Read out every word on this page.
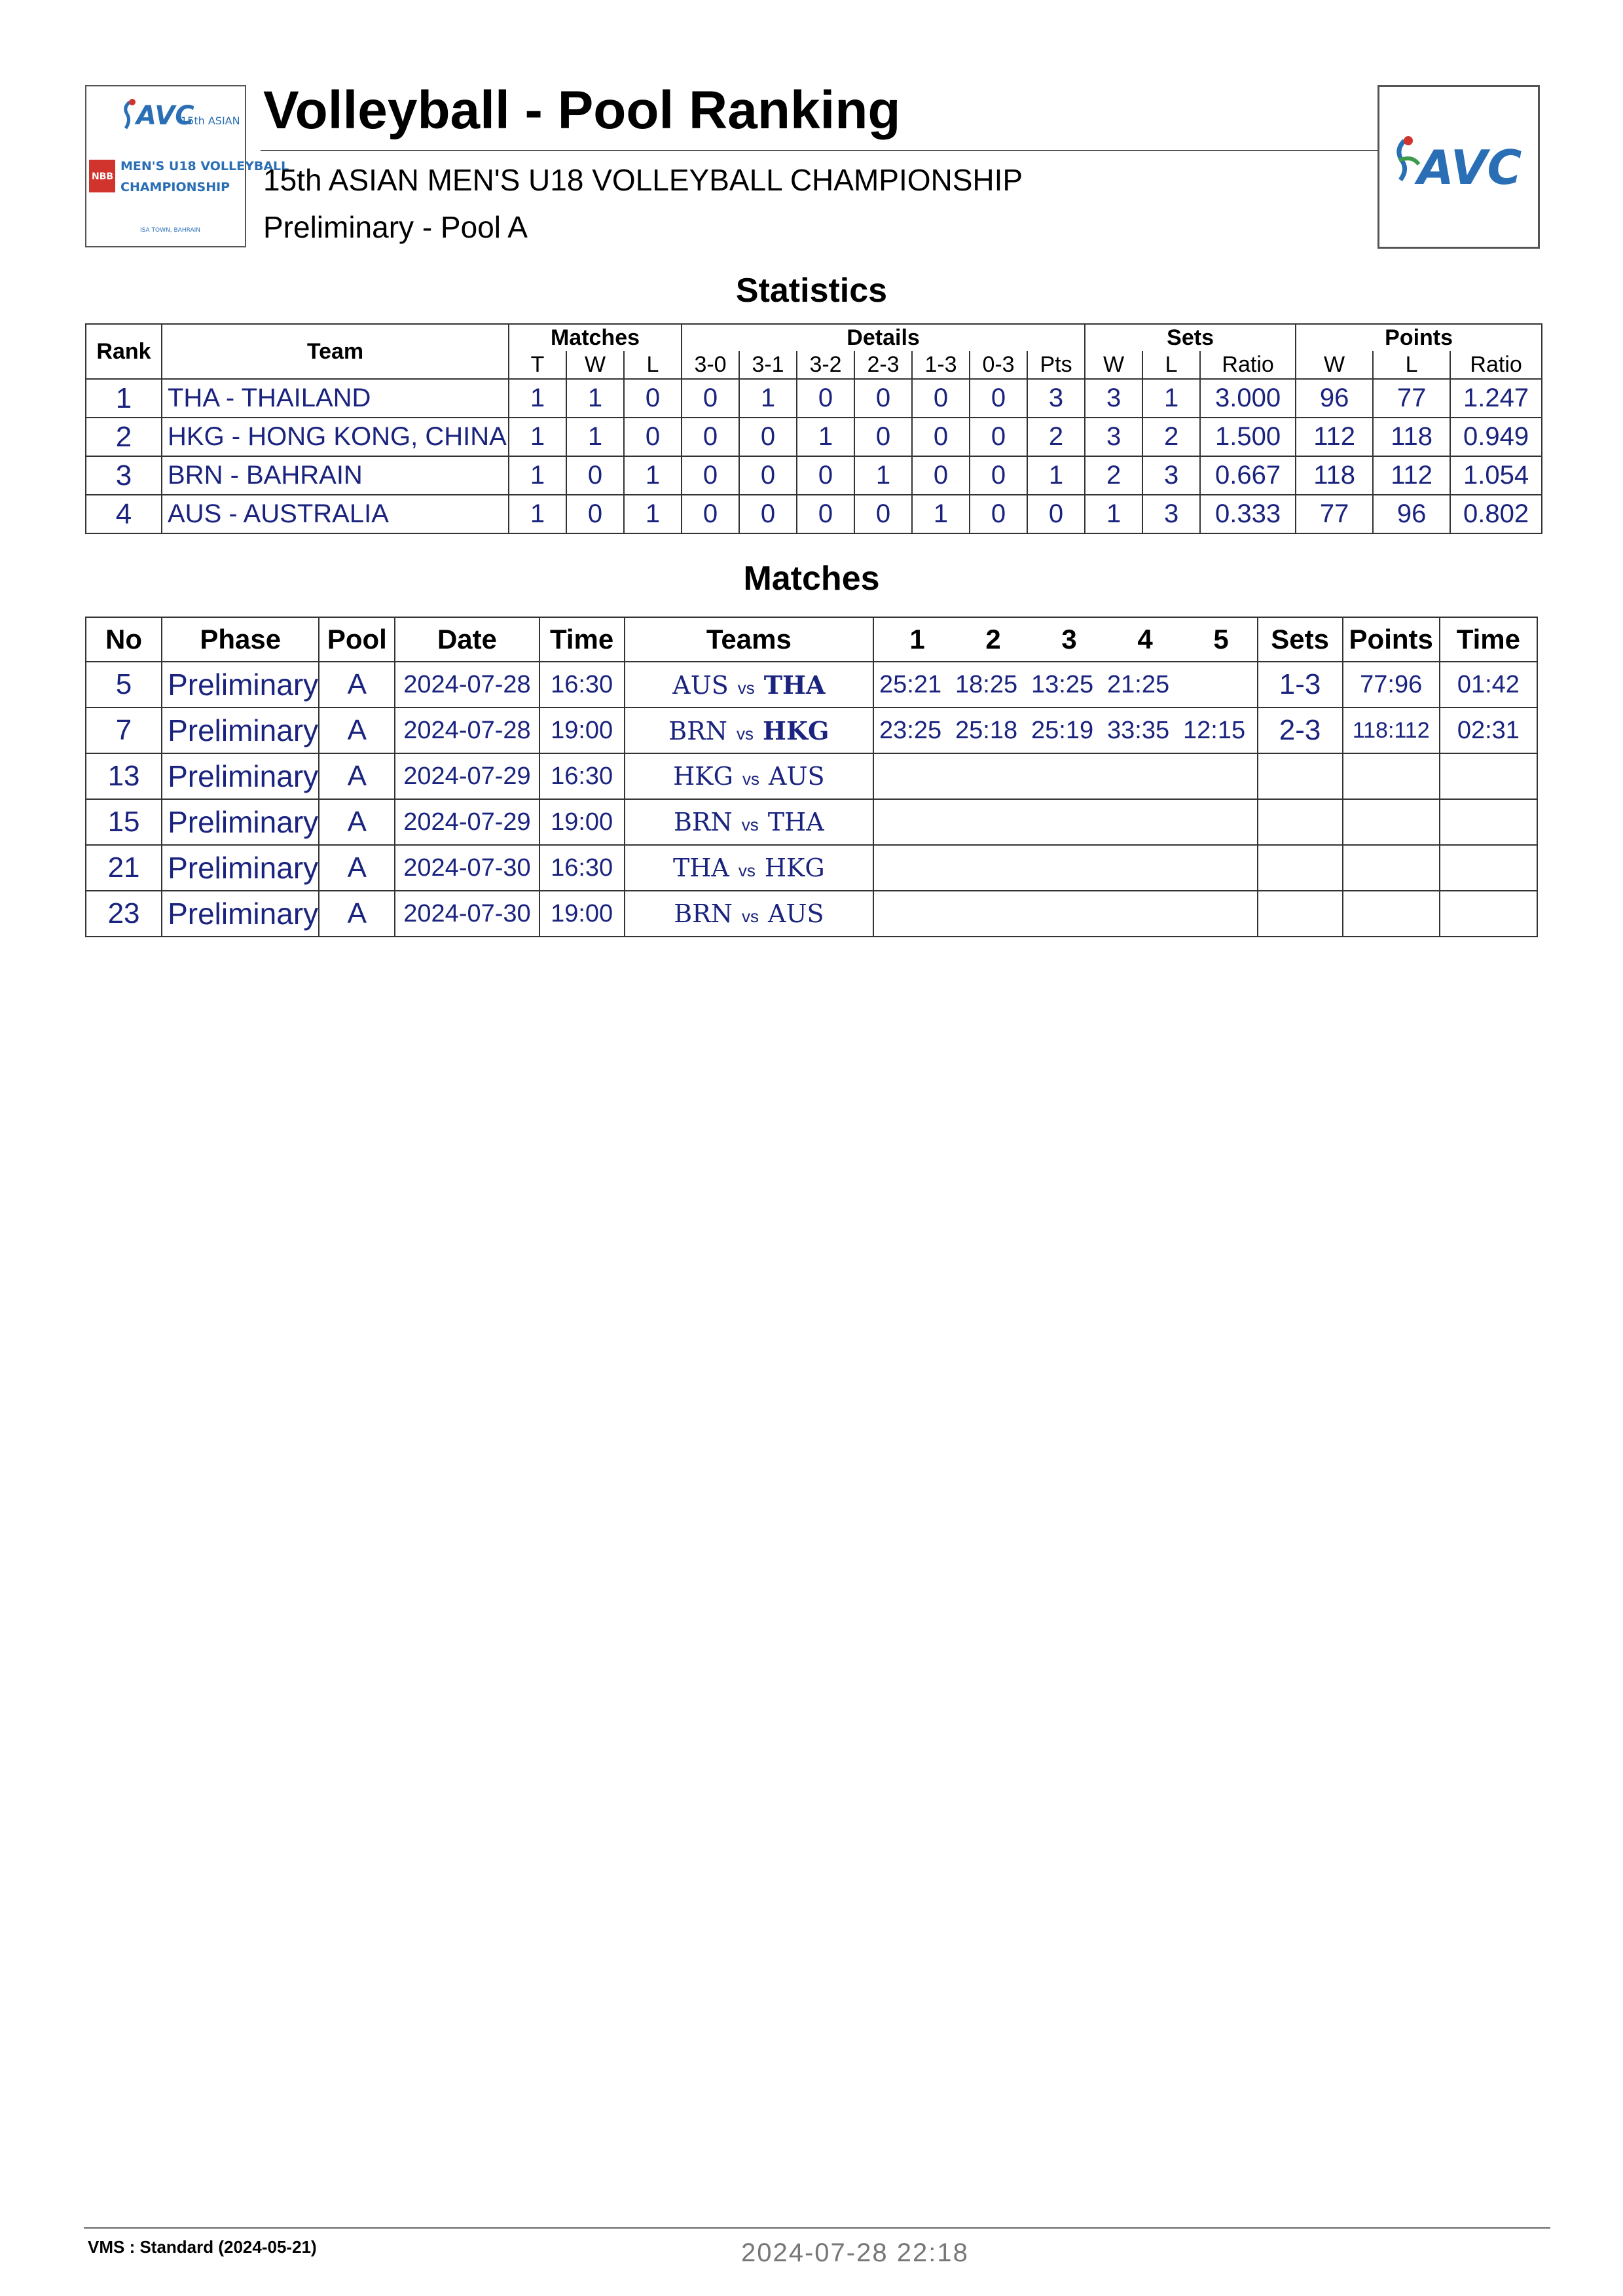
AVC
15th ASIAN
NBB
MEN'S U18 VOLLEYBALL
CHAMPIONSHIP
ISA TOWN, BAHRAIN
Volleyball - Pool Ranking
15th ASIAN MEN'S U18 VOLLEYBALL CHAMPIONSHIP
Preliminary - Pool A
AVC
Statistics
Rank	Team	Matches			Details							Sets			Points		
		T	W	L	3-0	3-1	3-2	2-3	1-3	0-3	Pts	W	L	Ratio	W	L	Ratio
1	THA - THAILAND	1	1	0	0	1	0	0	0	0	3	3	1	3.000	96	77	1.247
2	HKG - HONG KONG, CHINA	1	1	0	0	0	1	0	0	0	2	3	2	1.500	112	118	0.949
3	BRN - BAHRAIN	1	0	1	0	0	0	1	0	0	1	2	3	0.667	118	112	1.054
4	AUS - AUSTRALIA	1	0	1	0	0	0	0	1	0	0	1	3	0.333	77	96	0.802
Matches
No	Phase	Pool	Date	Time	Teams	1 2 3 4 5	Sets	Points	Time
5	Preliminary	A	2024-07-28	16:30	AUS vs THA	25:21 18:25 13:25 21:25	1-3	77:96	01:42
7	Preliminary	A	2024-07-28	19:00	BRN vs HKG	23:25 25:18 25:19 33:35 12:15	2-3	118:112	02:31
13	Preliminary	A	2024-07-29	16:30	HKG vs AUS				
15	Preliminary	A	2024-07-29	19:00	BRN vs THA				
21	Preliminary	A	2024-07-30	16:30	THA vs HKG				
23	Preliminary	A	2024-07-30	19:00	BRN vs AUS				
VMS : Standard (2024-05-21)	2024-07-28 22:18
